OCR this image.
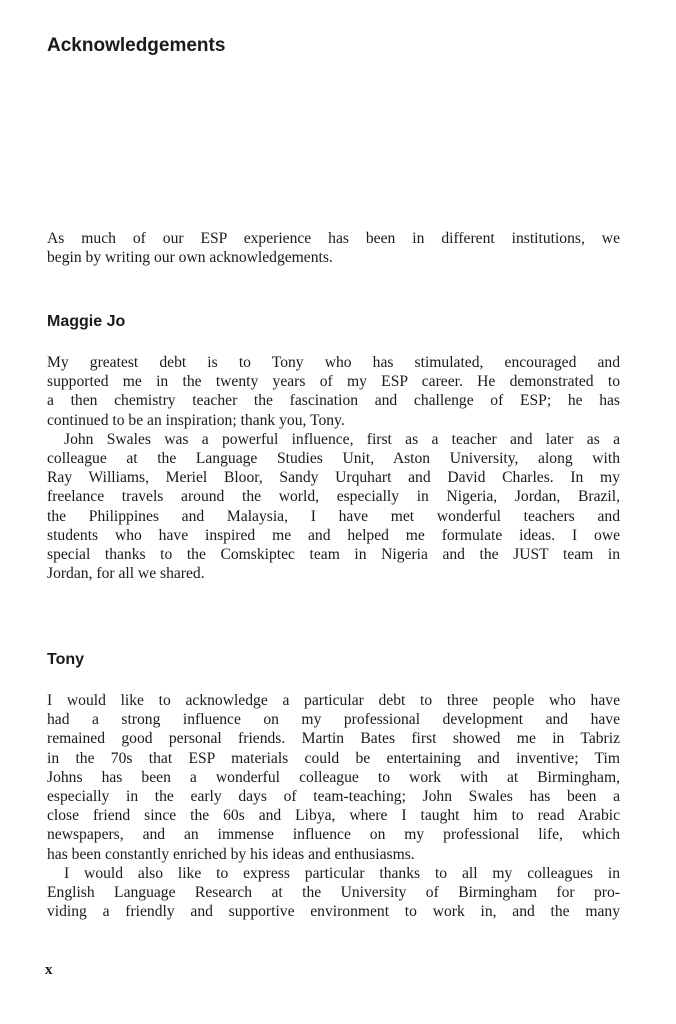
Acknowledgements
As much of our ESP experience has been in different institutions, we
begin by writing our own acknowledgements.
Maggie Jo
My greatest debt is to Tony who has stimulated, encouraged and
supported me in the twenty years of my ESP career. He demonstrated to
a then chemistry teacher the fascination and challenge of ESP; he has
continued to be an inspiration; thank you, Tony.
John Swales was a powerful influence, first as a teacher and later as a
colleague at the Language Studies Unit, Aston University, along with
Ray Williams, Meriel Bloor, Sandy Urquhart and David Charles. In my
freelance travels around the world, especially in Nigeria, Jordan, Brazil,
the Philippines and Malaysia, I have met wonderful teachers and
students who have inspired me and helped me formulate ideas. I owe
special thanks to the Comskiptec team in Nigeria and the JUST team in
Jordan, for all we shared.
Tony
I would like to acknowledge a particular debt to three people who have
had a strong influence on my professional development and have
remained good personal friends. Martin Bates first showed me in Tabriz
in the 70s that ESP materials could be entertaining and inventive; Tim
Johns has been a wonderful colleague to work with at Birmingham,
especially in the early days of team-teaching; John Swales has been a
close friend since the 60s and Libya, where I taught him to read Arabic
newspapers, and an immense influence on my professional life, which
has been constantly enriched by his ideas and enthusiasms.
I would also like to express particular thanks to all my colleagues in
English Language Research at the University of Birmingham for pro-
viding a friendly and supportive environment to work in, and the many
x
